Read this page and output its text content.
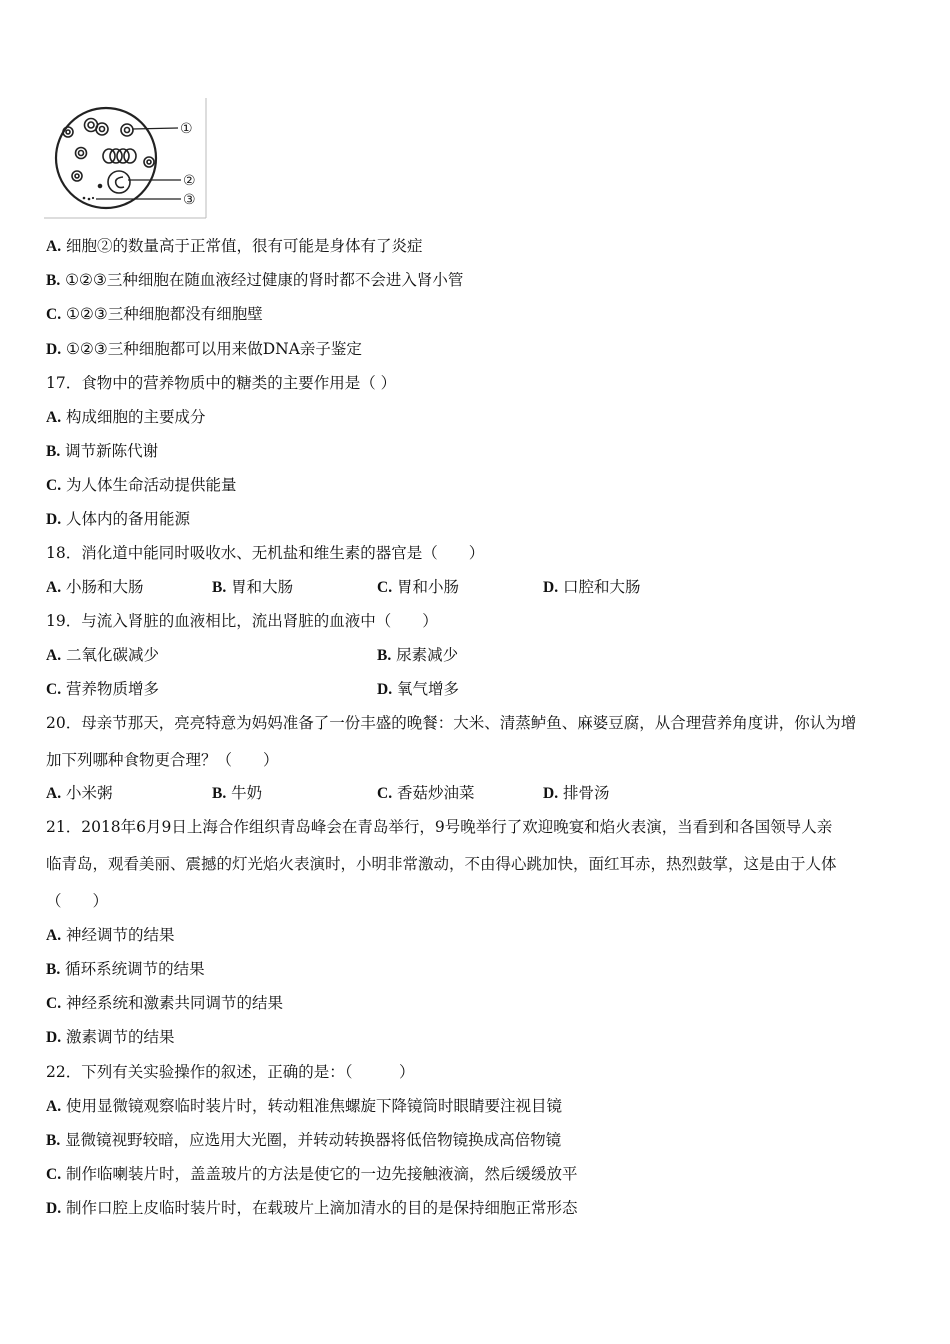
①
②
③
A. 细胞②的数量高于正常值，很有可能是身体有了炎症
B. ①②③三种细胞在随血液经过健康的肾时都不会进入肾小管
C. ①②③三种细胞都没有细胞壁
D. ①②③三种细胞都可以用来做DNA亲子鉴定
17．食物中的营养物质中的糖类的主要作用是（ ）
A. 构成细胞的主要成分
B. 调节新陈代谢
C. 为人体生命活动提供能量
D. 人体内的备用能源
18．消化道中能同时吸收水、无机盐和维生素的器官是（　　）
A. 小肠和大肠	B. 胃和大肠	C. 胃和小肠	D. 口腔和大肠
19．与流入肾脏的血液相比，流出肾脏的血液中（　　）
A. 二氧化碳减少	B. 尿素减少
C. 营养物质增多	D. 氧气增多
20．母亲节那天，亮亮特意为妈妈准备了一份丰盛的晚餐：大米、清蒸鲈鱼、麻婆豆腐，从合理营养角度讲，你认为增
加下列哪种食物更合理？（　　）
A. 小米粥	B. 牛奶	C. 香菇炒油菜	D. 排骨汤
21．2018年6月9日上海合作组织青岛峰会在青岛举行，9号晚举行了欢迎晚宴和焰火表演，当看到和各国领导人亲
临青岛，观看美丽、震撼的灯光焰火表演时，小明非常激动，不由得心跳加快，面红耳赤，热烈鼓掌，这是由于人体
（　　）
A. 神经调节的结果
B. 循环系统调节的结果
C. 神经系统和激素共同调节的结果
D. 激素调节的结果
22．下列有关实验操作的叙述，正确的是：（　　　）
A. 使用显微镜观察临时装片时，转动粗准焦螺旋下降镜筒时眼睛要注视目镜
B. 显微镜视野较暗，应选用大光圈，并转动转换器将低倍物镜换成高倍物镜
C. 制作临喇装片时，盖盖玻片的方法是使它的一边先接触液滴，然后缓缓放平
D. 制作口腔上皮临时装片时，在载玻片上滴加清水的目的是保持细胞正常形态
